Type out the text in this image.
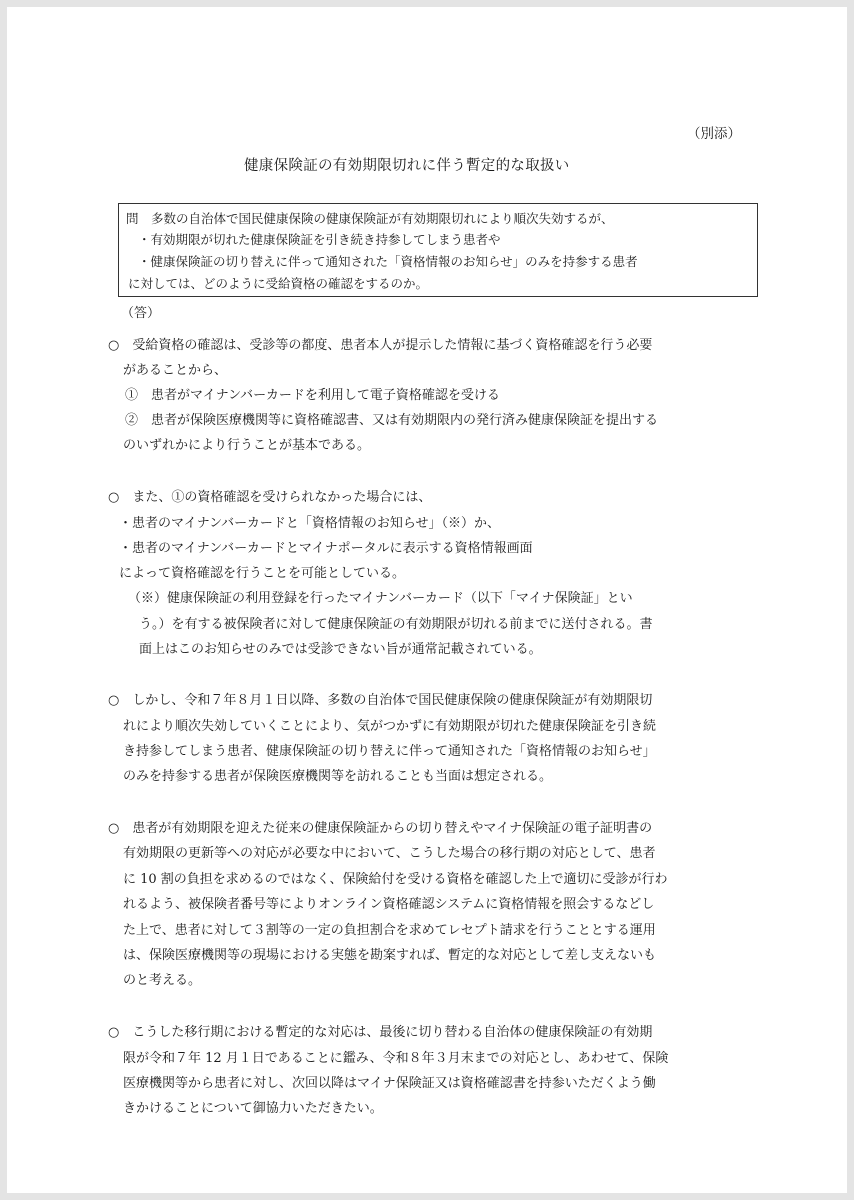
（別添）
健康保険証の有効期限切れに伴う暫定的な取扱い
問　多数の自治体で国民健康保険の健康保険証が有効期限切れにより順次失効するが、
・有効期限が切れた健康保険証を引き続き持参してしまう患者や
・健康保険証の切り替えに伴って通知された「資格情報のお知らせ」のみを持参する患者
に対しては、どのように受給資格の確認をするのか。
（答）
○　受給資格の確認は、受診等の都度、患者本人が提示した情報に基づく資格確認を行う必要
がある​ことから、
①　患者がマイナンバーカードを利用して電子資格確認を受ける
②　患者が保険医療機関等に資格確認書、又は有効期限内の発行済み健康保険証を提出する
のいずれかにより行うことが基本である。
○　また、①の資格確認を受けられなかった場合には、
・患者のマイナンバーカードと「資格情報のお知らせ」（※）か、
・患者のマイナンバーカードとマイナポータルに表示する資格情報画面
によって資格確認を行うことを可能としている。
（※）健康保険証の利用登録を行ったマイナンバーカード（以下「マイナ保険証」とい
う。）を有する被保険者に対して健康保険証の有効期限が切れる前までに送付される。書
面上はこのお知らせのみでは受診できない旨が通常記載されている。
○　しかし、令和７年８月１日以降、多数の自治体で国民健康保険の健康保険証が有効期限切
れにより順次失効していくことにより、気がつかずに有効期限が切れた健康保険証を引き続
き持参してしまう患者、健康保険証の切り替えに伴って通知された「資格情報のお知らせ」
のみを持参する患者が保険医療機関等を訪れることも当面は想定される。
○　患者が有効期限を迎えた従来の健康保険証からの切り替えやマイナ保険証の電子証明書の
有効期限の更新等への対応が必要な中において、こうした場合の移行期の対応として、患者
に 10 割の負担を求めるのではなく、保険給付を受ける資格を確認した上で適切に受診が行わ
れるよう、被保険者番号等によりオンライン資格確認システムに資格情報を照会するなどし
た上で、患者に対して３割等の一定の負担割合を求めてレセプト請求を行うこととする運用
は、保険医療機関等の現場における実態を勘案すれば、暫定的な対応として差し支えないも
のと考える。
○　こうした移行期における暫定的な対応は、最後に切り替わる自治体の健康保険証の有効期
限が令和７年 12 月１日であることに鑑み、令和８年３月末までの対応とし、あわせて、保険
医療機関等から患者に対し、次回以降はマイナ保険証又は資格確認書を持参いただくよう働
きかけることについて御協力いただきたい。
